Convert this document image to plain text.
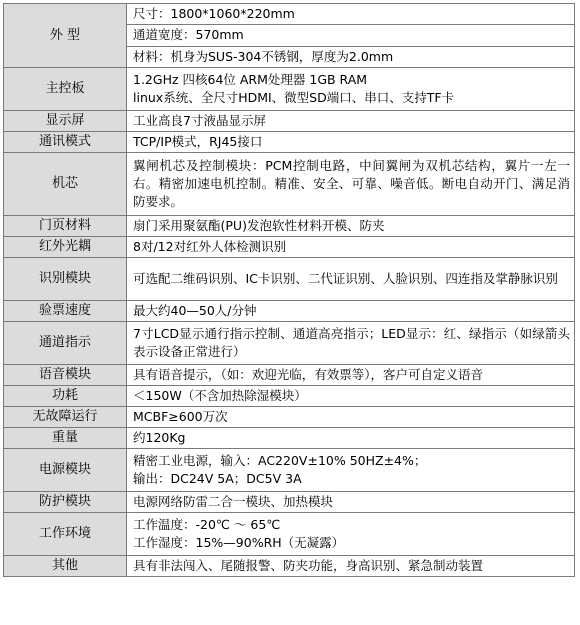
外 型	尺寸：1800*1060*220mm

	通道宽度：570mm

	材料：机身为SUS-304不锈钢，厚度为2.0mm

主控板	1.2GHz 四核64位 ARM处理器 1GB RAM
linux系统、全尺寸HDMI、微型SD端口、串口、支持TF卡

显示屏	工业高良7寸液晶显示屏
通讯模式	TCP/IP模式，RJ45接口
机芯	翼闸机芯及控制模块：PCM控制电路，中间翼闸为双机芯结构，翼片一左一右。精密加速电机控制。精准、安全、可靠、噪音低。断电自动开门、满足消防要求。
门页材料	扇门采用聚氨酯(PU)发泡软性材料开模、防夹
红外光耦	8对/12对红外人体检测识别
识别模块	可选配二维码识别、IC卡识别、二代证识别、人脸识别、四连指及掌静脉识别
验票速度	最大约40—50人/分钟
通道指示	7寸LCD显示通行指示控制、通道高亮指示；LED显示：红、绿指示（如绿箭头表示设备正常进行）
语音模块	具有语音提示，（如：欢迎光临，有效票等），客户可自定义语音
功耗	＜150W（不含加热除湿模块）
无故障运行	MCBF≥600万次
重量	约120Kg
电源模块	精密工业电源，输入：AC220V±10% 50HZ±4%；
输出：DC24V 5A；DC5V 3A

防护模块	电源网络防雷二合一模块、加热模块
工作环境	工作温度：-20℃ ～ 65℃
工作湿度：15%—90%RH（无凝露）

其他	具有非法闯入、尾随报警、防夹功能，身高识别、紧急制动装置
